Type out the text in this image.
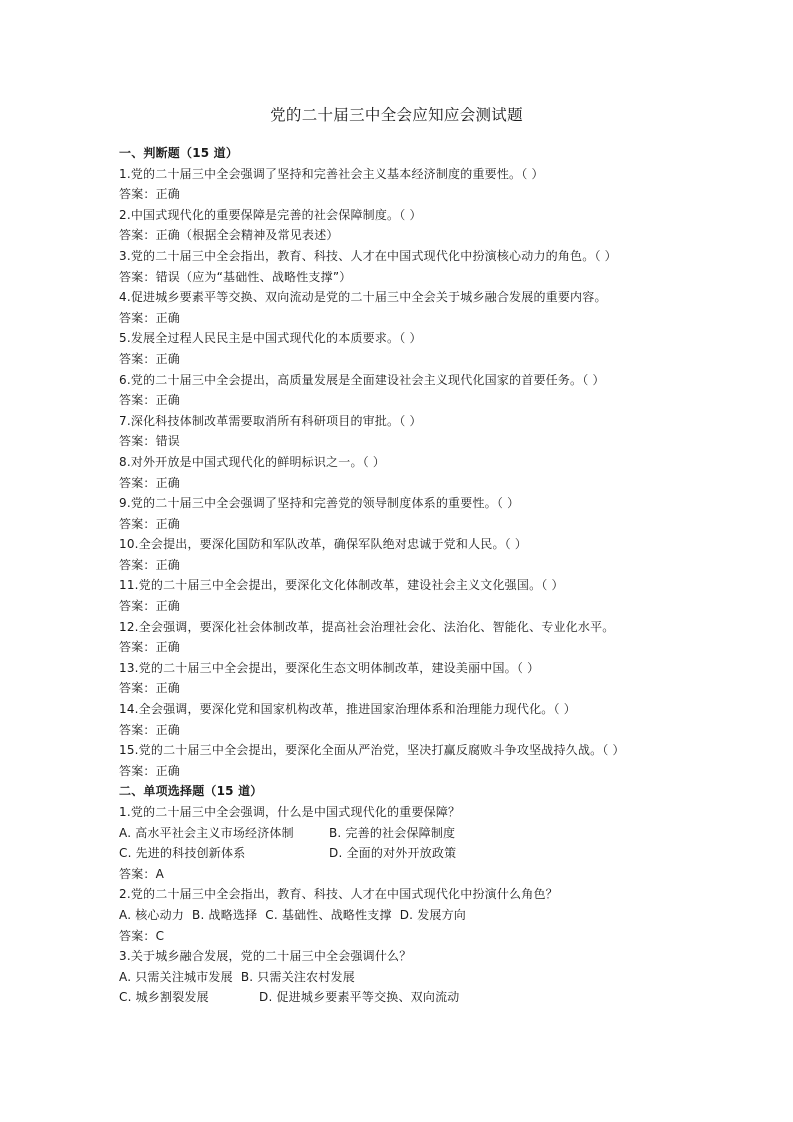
党的二十届三中全会应知应会测试题
一、判断题（15 道）
1.党的二十届三中全会强调了坚持和完善社会主义基本经济制度的重要性。（ ）
答案：正确
2.中国式现代化的重要保障是完善的社会保障制度。（ ）
答案：正确（根据全会精神及常见表述）
3.党的二十届三中全会指出，教育、科技、人才在中国式现代化中扮演核心动力的角色。（ ）
答案：错误（应为“基础性、战略性支撑”）
4.促进城乡要素平等交换、双向流动是党的二十届三中全会关于城乡融合发展的重要内容。
答案：正确
5.发展全过程人民民主是中国式现代化的本质要求。（ ）
答案：正确
6.党的二十届三中全会提出，高质量发展是全面建设社会主义现代化国家的首要任务。（ ）
答案：正确
7.深化科技体制改革需要取消所有科研项目的审批。（ ）
答案：错误
8.对外开放是中国式现代化的鲜明标识之一。（ ）
答案：正确
9.党的二十届三中全会强调了坚持和完善党的领导制度体系的重要性。（ ）
答案：正确
10.全会提出，要深化国防和军队改革，确保军队绝对忠诚于党和人民。（ ）
答案：正确
11.党的二十届三中全会提出，要深化文化体制改革，建设社会主义文化强国。（ ）
答案：正确
12.全会强调，要深化社会体制改革，提高社会治理社会化、法治化、智能化、专业化水平。
答案：正确
13.党的二十届三中全会提出，要深化生态文明体制改革，建设美丽中国。（ ）
答案：正确
14.全会强调，要深化党和国家机构改革，推进国家治理体系和治理能力现代化。（ ）
答案：正确
15.党的二十届三中全会提出，要深化全面从严治党，坚决打赢反腐败斗争攻坚战持久战。（ ）
答案：正确
二、单项选择题（15 道）
1.党的二十届三中全会强调，什么是中国式现代化的重要保障？
A. 高水平社会主义市场经济体制	B. 完善的社会保障制度
C. 先进的科技创新体系	D. 全面的对外开放政策
答案：A
2.党的二十届三中全会指出，教育、科技、人才在中国式现代化中扮演什么角色？
A. 核心动力 B. 战略选择 C. 基础性、战略性支撑 D. 发展方向
答案：C
3.关于城乡融合发展，党的二十届三中全会强调什么？
A. 只需关注城市发展 B. 只需关注农村发展
C. 城乡割裂发展	D. 促进城乡要素平等交换、双向流动
